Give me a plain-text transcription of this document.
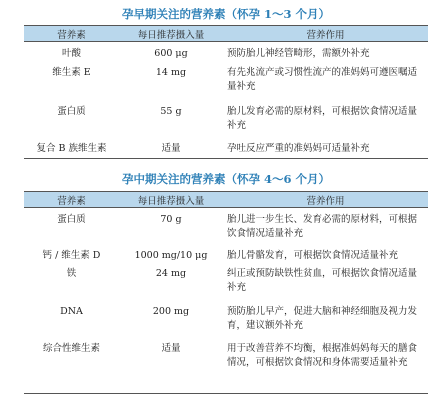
孕早期关注的营养素（怀孕 1～3 个月）
营养素	每日推荐摄入量	营养作用
叶酸	600 μg	预防胎儿神经管畸形，需额外补充
维生素 E	14 mg	有先兆流产或习惯性流产的准妈妈可遵医嘱适量补充
蛋白质	55 g	胎儿发育必需的原材料，可根据饮食情况适量补充
复合 B 族维生素	适量	孕吐反应严重的准妈妈可适量补充
孕中期关注的营养素（怀孕 4～6 个月）
营养素	每日推荐摄入量	营养作用
蛋白质	70 g	胎儿进一步生长、发育必需的原材料，可根据饮食情况适量补充
钙 / 维生素 D	1000 mg/10 μg	胎儿骨骼发育，可根据饮食情况适量补充
铁	24 mg	纠正或预防缺铁性贫血，可根据饮食情况适量补充
DNA	200 mg	预防胎儿早产，促进大脑和神经细胞及视力发育，建议额外补充
综合性维生素	适量	用于改善营养不均衡，根据准妈妈每天的膳食情况，可根据饮食情况和身体需要适量补充
